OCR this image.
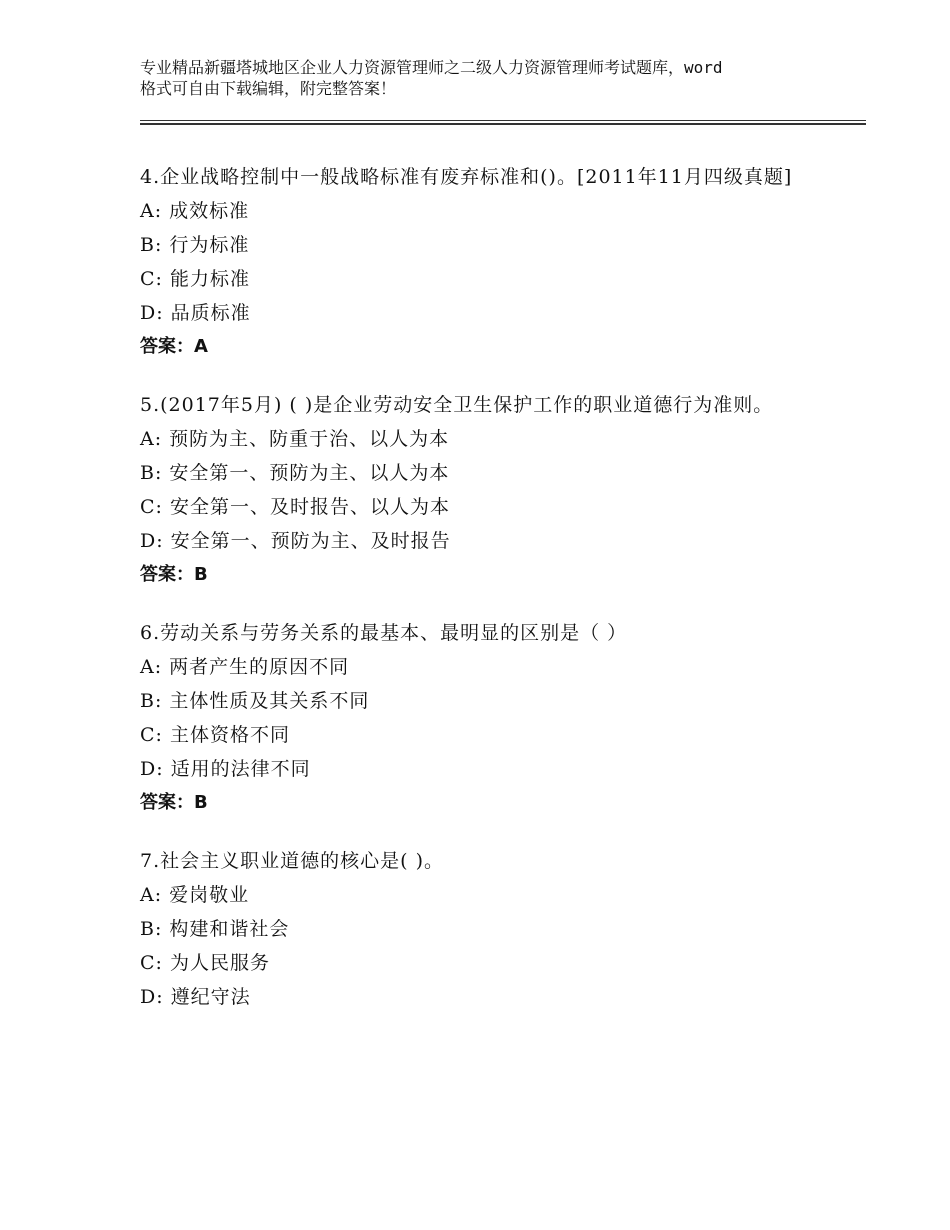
专业精品新疆塔城地区企业人力资源管理师之二级人力资源管理师考试题库，word
格式可自由下载编辑，附完整答案！
4.企业战略控制中一般战略标准有废弃标准和()。[2011年11月四级真题]
A: 成效标准
B: 行为标准
C: 能力标准
D: 品质标准
答案：A
5.(2017年5月) ( )是企业劳动安全卫生保护工作的职业道德行为准则。
A: 预防为主、防重于治、以人为本
B: 安全第一、预防为主、以人为本
C: 安全第一、及时报告、以人为本
D: 安全第一、预防为主、及时报告
答案：B
6.劳动关系与劳务关系的最基本、最明显的区别是（ ）
A: 两者产生的原因不同
B: 主体性质及其关系不同
C: 主体资格不同
D: 适用的法律不同
答案：B
7.社会主义职业道德的核心是( )。
A: 爱岗敬业
B: 构建和谐社会
C: 为人民服务
D: 遵纪守法
